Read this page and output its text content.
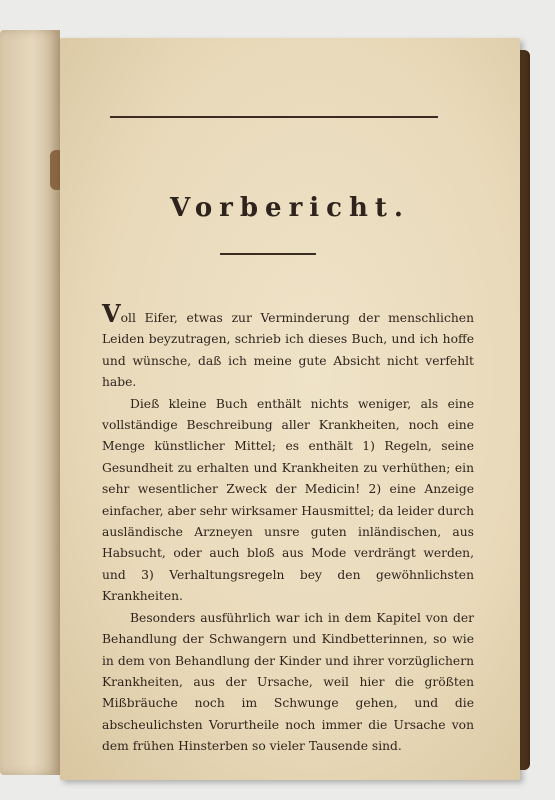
Vorbericht.

Voll Eifer, etwas zur Verminderung der menschlichen Leiden beyzutragen, schrieb ich dieses Buch, und ich hoffe und wünsche, daß ich meine gute Absicht nicht verfehlt habe.

Dieß kleine Buch enthält nichts weniger, als eine vollständige Beschreibung aller Krankheiten, noch eine Menge künstlicher Mittel; es enthält 1) Regeln, seine Gesundheit zu erhalten und Krankheiten zu verhüthen; ein sehr wesentlicher Zweck der Medicin! 2) eine Anzeige einfacher, aber sehr wirksamer Hausmittel; da leider durch ausländische Arzneyen unsre guten inländischen, aus Habsucht, oder auch bloß aus Mode verdrängt werden, und 3) Verhaltungsregeln bey den gewöhnlichsten Krankheiten.

Besonders ausführlich war ich in dem Kapitel von der Behandlung der Schwangern und Kindbetterinnen, so wie in dem von Behandlung der Kinder und ihrer vorzüglichern Krankheiten, aus der Ursache, weil hier die größten Mißbräuche noch im Schwunge gehen, und die abscheulichsten Vorurtheile noch immer die Ursache von dem frühen Hinsterben so vieler Tausende sind.
